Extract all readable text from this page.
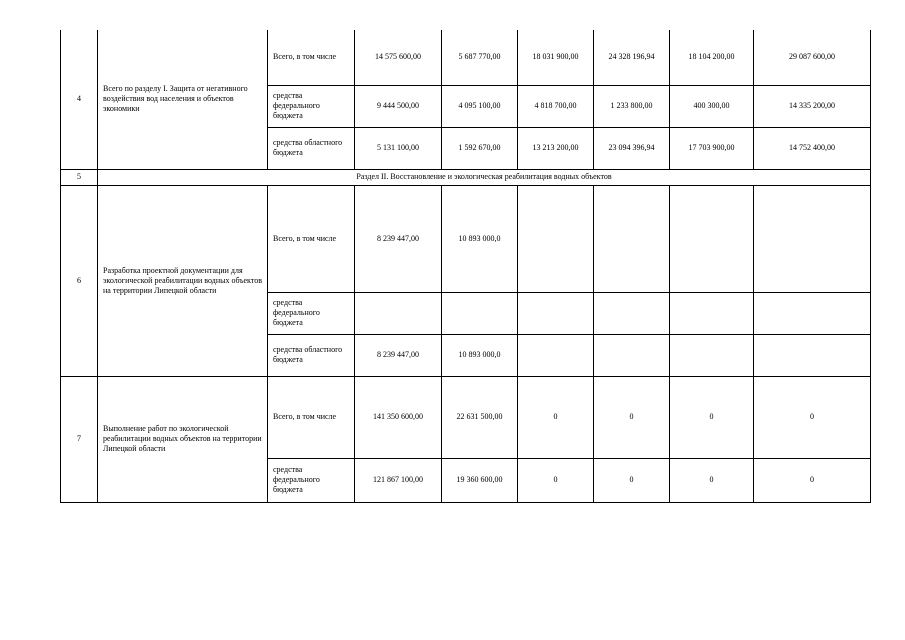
4	Всего по разделу I. Защита от негативного воздействия вод населения и объектов экономики	Всего, в том числе	14 575 600,00	5 687 770,00	18 031 900,00	24 328 196,94	18 104 200,00	29 087 600,00
		средства федерального бюджета	9 444 500,00	4 095 100,00	4 818 700,00	1 233 800,00	400 300,00	14 335 200,00
		средства областного бюджета	5 131 100,00	1 592 670,00	13 213 200,00	23 094 396,94	17 703 900,00	14 752 400,00
5	Раздел II. Восстановление и экологическая реабилитация водных объектов							
6	Разработка проектной документации для экологической реабилитации водных объектов на территории Липецкой области	Всего, в том числе	8 239 447,00	10 893 000,0				
		средства федерального бюджета						
		средства областного бюджета	8 239 447,00	10 893 000,0				
7	Выполнение работ по экологической реабилитации водных объектов на территории Липецкой области	Всего, в том числе	141 350 600,00	22 631 500,00	0	0	0	0
		средства федерального бюджета	121 867 100,00	19 360 600,00	0	0	0	0
